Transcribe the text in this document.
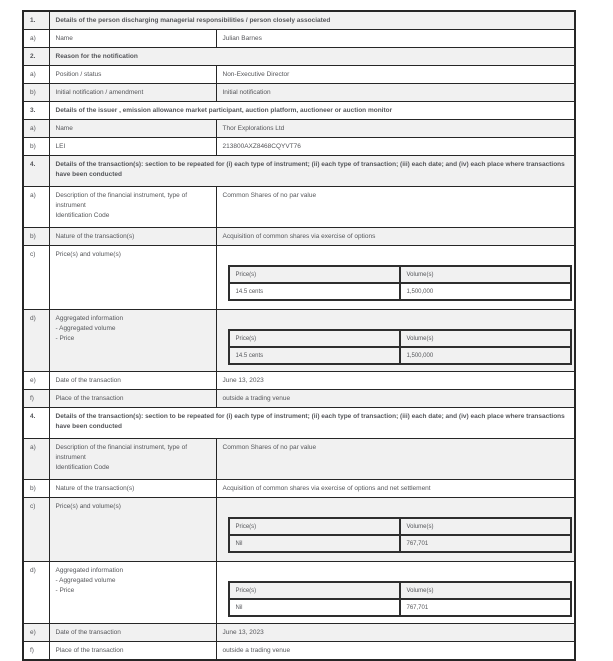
1.	Details of the person discharging managerial responsibilities / person closely associated
a)	Name	Julian Barnes
2.	Reason for the notification
a)	Position / status	Non-Executive Director
b)	Initial notification / amendment	Initial notification
3.	Details of the issuer , emission allowance market participant, auction platform, auctioneer or auction monitor
a)	Name	Thor Explorations Ltd
b)	LEI	213800AXZ8468CQYVT76
4.	Details of the transaction(s): section to be repeated for (i) each type of instrument; (ii) each type of transaction; (iii) each date; and (iv) each place where transactions have been conducted
a)	Description of the financial instrument, type of instrument
Identification Code
	Common Shares of no par value
b)	Nature of the transaction(s)	Acquisition of common shares via exercise of options
c)	Price(s) and volume(s)

Price(s)	Volume(s)
14.5 cents	1,500,000

d)	Aggregated information
- Aggregated volume
- Price
		Price(s)	Volume(s)
14.5 cents	1,500,000

e)	Date of the transaction	June 13, 2023
f)	Place of the transaction	outside a trading venue
4.	Details of the transaction(s): section to be repeated for (i) each type of instrument; (ii) each type of transaction; (iii) each date; and (iv) each place where transactions have been conducted
a)	Description of the financial instrument, type of instrument
Identification Code
	Common Shares of no par value
b)	Nature of the transaction(s)	Acquisition of common shares via exercise of options and net settlement
c)	Price(s) and volume(s)

Price(s)	Volume(s)
Nil	767,701

d)	Aggregated information
- Aggregated volume
- Price
		Price(s)	Volume(s)
Nil	767,701

e)	Date of the transaction	June 13, 2023
f)	Place of the transaction	outside a trading venue
